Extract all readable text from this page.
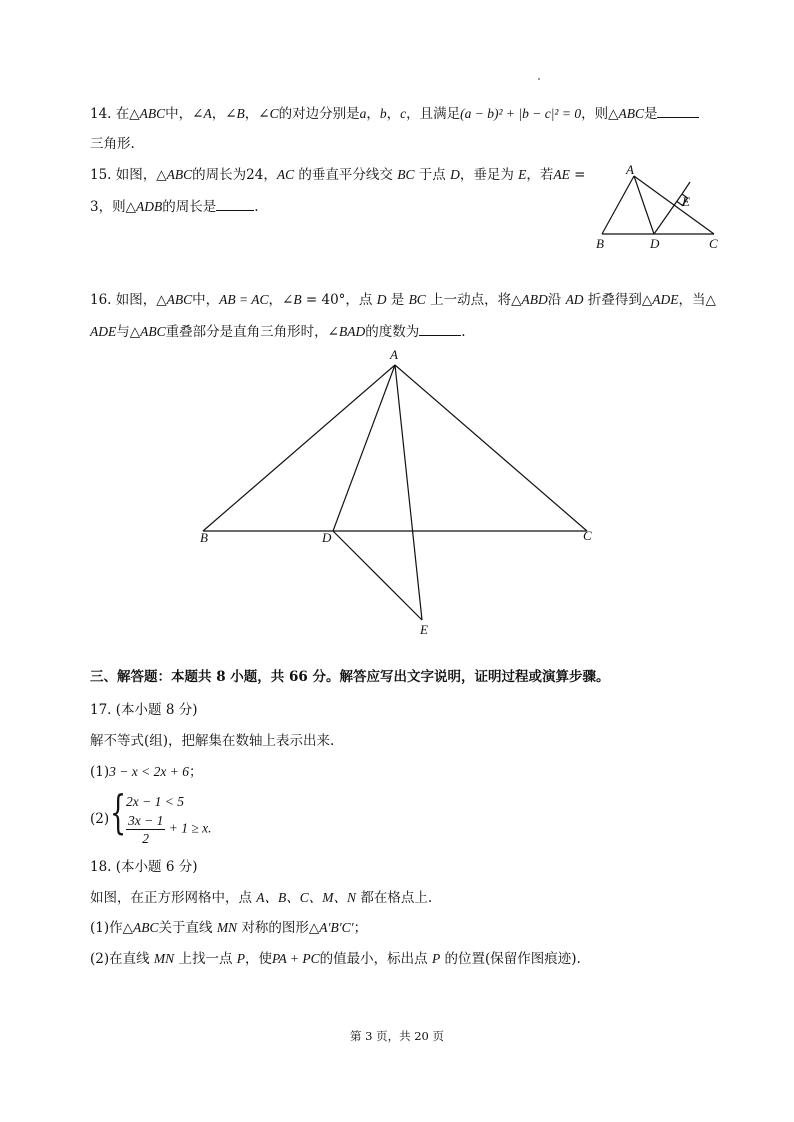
14. 在△ABC中，∠A，∠B，∠C的对边分别是a，b，c，且满足(a − b)² + |b − c|² = 0，则△ABC是
三角形.
15. 如图，△ABC的周长为24，AC 的垂直平分线交 BC 于点 D，垂足为 E，若AE =
3，则△ADB的周长是	.
A
B	D	C
E
16. 如图，△ABC中，AB = AC，∠B = 40°，点 D 是 BC 上一动点，将△ABD沿 AD 折叠得到△ADE，当△
ADE与△ABC重叠部分是直角三角形时，∠BAD的度数为	.
A
B	D	C
E
三、解答题：本题共 8 小题，共 66 分。解答应写出文字说明，证明过程或演算步骤。
17. (本小题 8 分)
解不等式(组)，把解集在数轴上表示出来.
(1)3 − x < 2x + 6；
(2) { 2x − 1 < 5
$\frac{3x - 1}{2} + 1 \ge x$.
18. (本小题 6 分)
如图，在正方形网格中，点 A、B、C、M、N 都在格点上.
(1)作△ABC关于直线 MN 对称的图形△A′B′C′；
(2)在直线 MN 上找一点 P，使PA + PC的值最小，标出点 P 的位置(保留作图痕迹).
第 3 页，共 20 页
